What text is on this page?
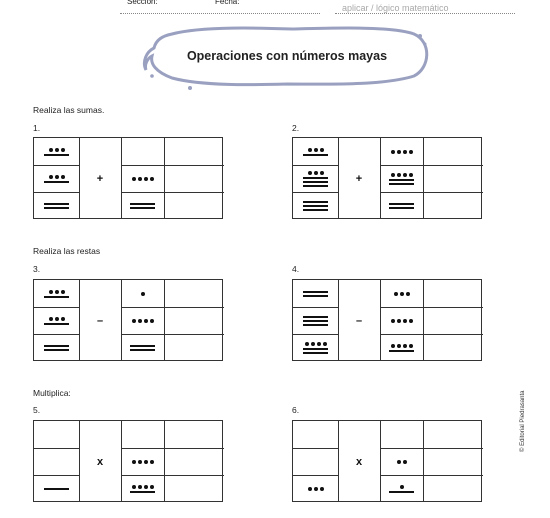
Sección:	Fecha:
aplicar / lógico matemático
Operaciones con números mayas
Realiza las sumas.
Realiza las restas
Multiplica:
1.	2.
3.	4.
5.	6.
+	+
–	–
x	x
© Editorial Piedrasanta
